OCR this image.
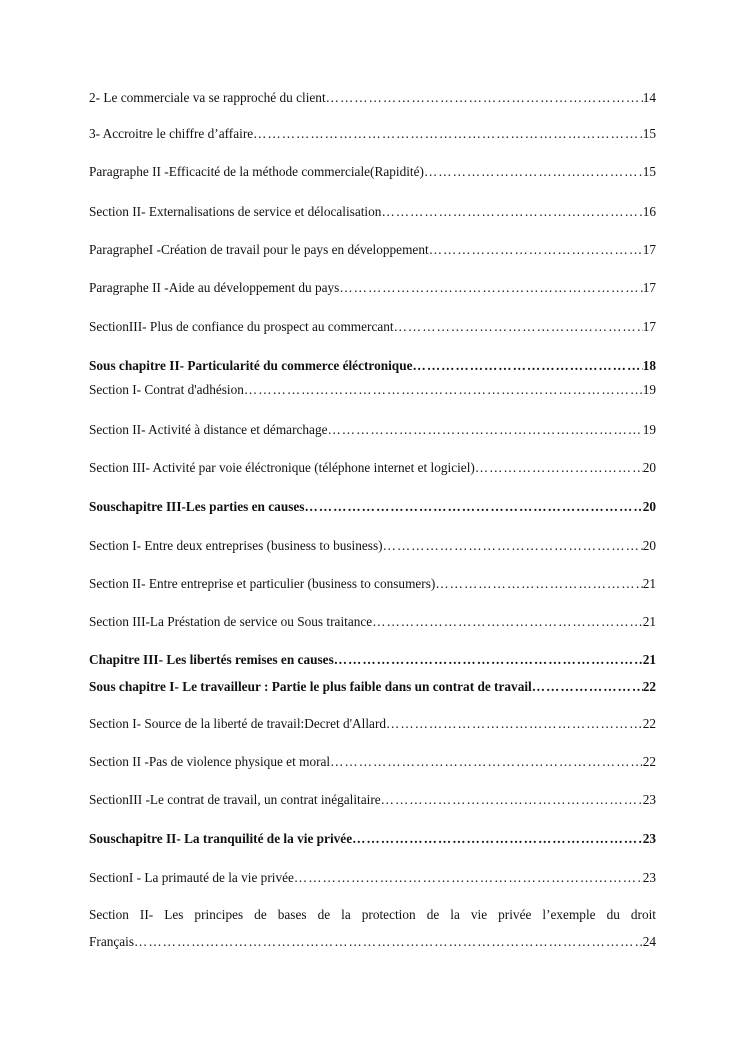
2- Le commerciale va se rapproché du client ……………………………………………………………………………………………………………………………………………………………	14
3- Accroitre le chiffre d’affaire ……………………………………………………………………………………………………………………………………………………………	15
Paragraphe II -Efficacité de la méthode commerciale(Rapidité) ……………………………………………………………………………………………………………………………………………………………	15
Section II- Externalisations de service et délocalisation ……………………………………………………………………………………………………………………………………………………………	16
ParagrapheI -Création de travail pour le pays en développement ……………………………………………………………………………………………………………………………………………………………	17
Paragraphe II -Aide au développement du pays ……………………………………………………………………………………………………………………………………………………………	17
SectionIII- Plus de confiance du prospect au commercant ……………………………………………………………………………………………………………………………………………………………	17
Sous chapitre II- Particularité du commerce éléctronique ……………………………………………………………………………………………………………………………………………………………	18
Section I- Contrat d'adhésion ……………………………………………………………………………………………………………………………………………………………	19
Section II- Activité à distance et démarchage ……………………………………………………………………………………………………………………………………………………………	19
Section III- Activité par voie éléctronique (téléphone internet et logiciel) ……………………………………………………………………………………………………………………………………………………………	20
Souschapitre III-Les parties en causes ……………………………………………………………………………………………………………………………………………………………	20
Section I- Entre deux entreprises (business to business) ……………………………………………………………………………………………………………………………………………………………	20
Section II- Entre entreprise et particulier (business to consumers) ……………………………………………………………………………………………………………………………………………………………	21
Section III-La Préstation de service ou Sous traitance ……………………………………………………………………………………………………………………………………………………………	21
Chapitre III- Les libertés remises en causes ……………………………………………………………………………………………………………………………………………………………	21
Sous chapitre I- Le travailleur : Partie le plus faible dans un contrat de travail ……………………………………………………………………………………………………………………………………………………………	22
Section I- Source de la liberté de travail:Decret d'Allard ……………………………………………………………………………………………………………………………………………………………	22
Section II -Pas de violence physique et moral ……………………………………………………………………………………………………………………………………………………………	22
SectionIII -Le contrat de travail, un contrat inégalitaire ……………………………………………………………………………………………………………………………………………………………	23
Souschapitre II- La tranquilité de la vie privée ……………………………………………………………………………………………………………………………………………………………	23
SectionI - La primauté de la vie privée ……………………………………………………………………………………………………………………………………………………………	23
Section II- Les principes de bases de la protection de la vie privée l’exemple du droit
Français ……………………………………………………………………………………………………………………………………………………………	24
